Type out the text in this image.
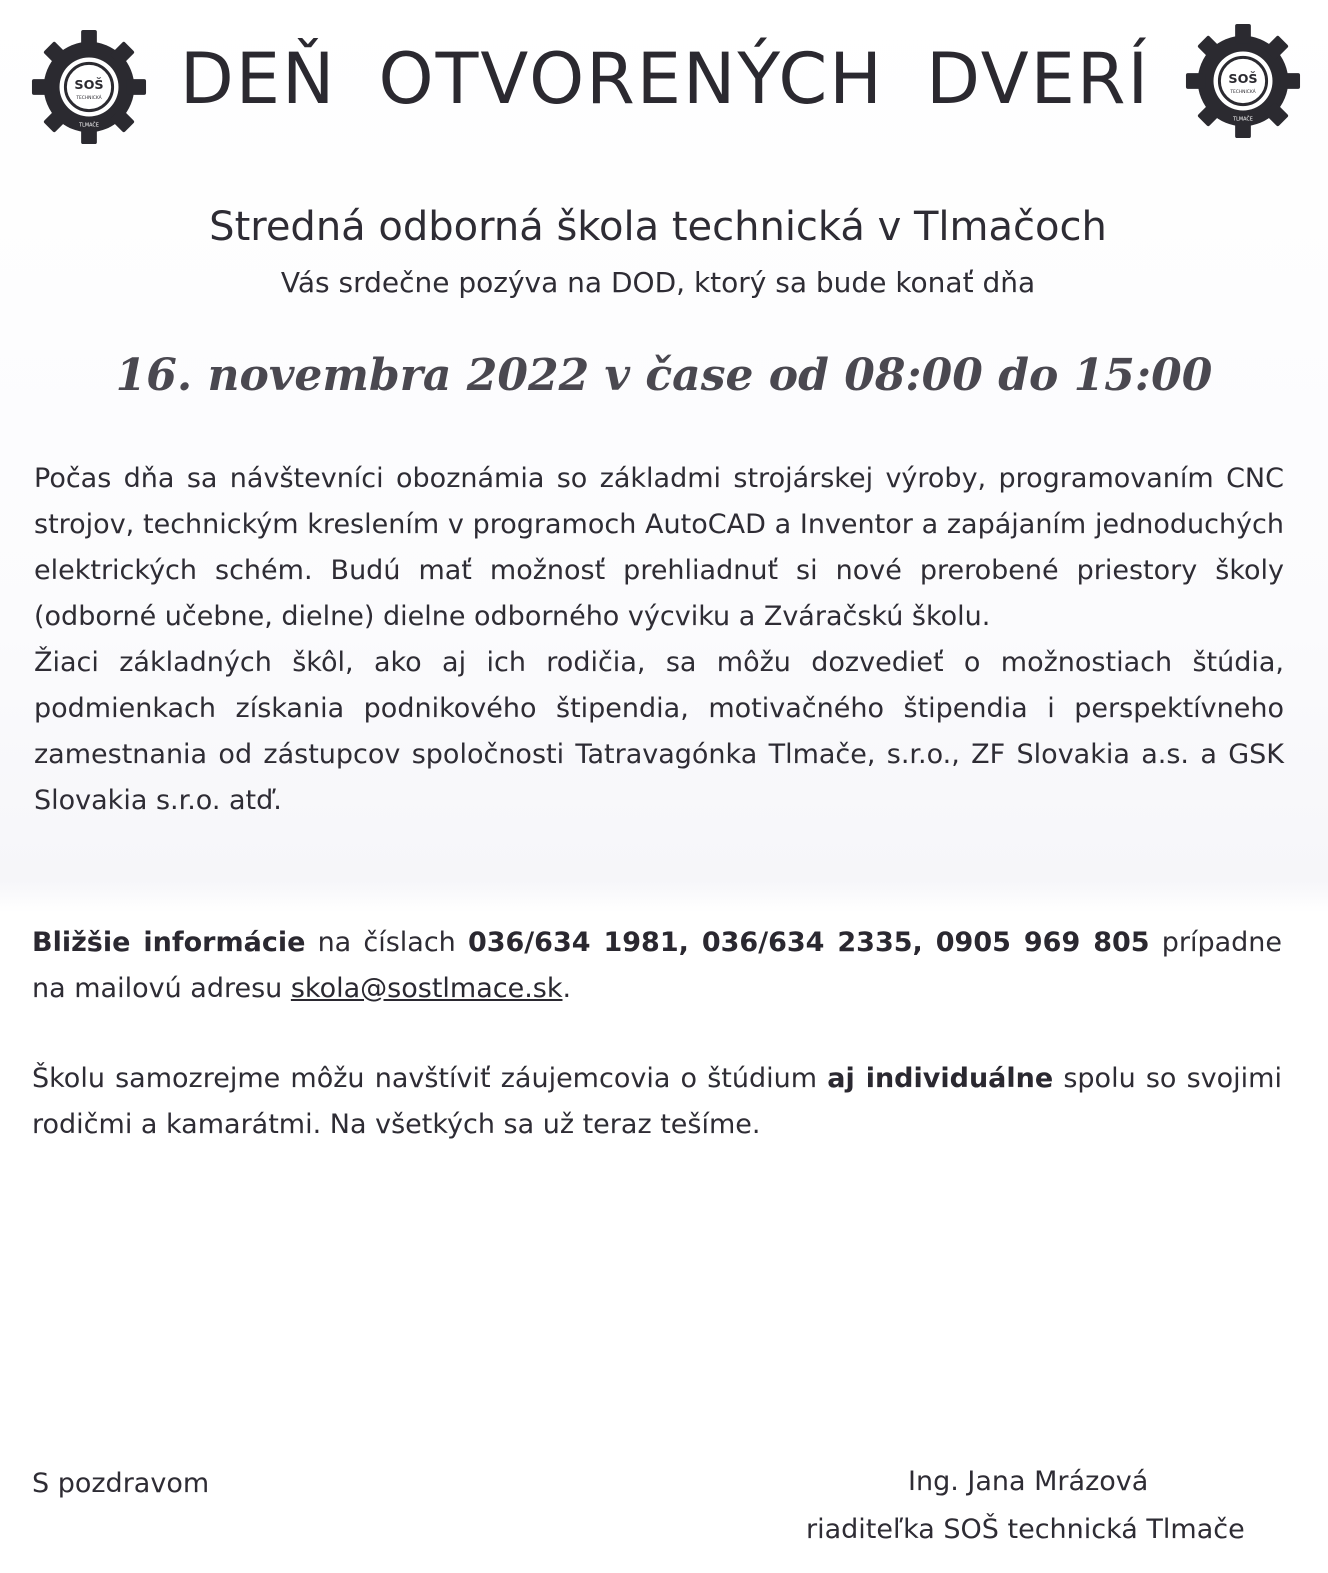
SOŠ
TECHNICKÁ
TLMAČE
DEŇ OTVORENÝCH DVERÍ	SOŠ
TECHNICKÁ
TLMAČE
Stredná odborná škola technická v Tlmačoch
Vás srdečne pozýva na DOD, ktorý sa bude konať dňa
16. novembra 2022 v čase od 08:00 do 15:00

Počas dňa sa návštevníci oboznámia so základmi strojárskej výroby, programovaním CNC strojov, technickým kreslením v programoch AutoCAD a Inventor a zapájaním jednoduchých elektrických schém. Budú mať možnosť prehliadnuť si nové prerobené priestory školy (odborné učebne, dielne) dielne odborného výcviku a Zváračskú školu.

Žiaci základných škôl, ako aj ich rodičia, sa môžu dozvedieť o možnostiach štúdia, podmienkach získania podnikového štipendia, motivačného štipendia i perspektívneho zamestnania od zástupcov spoločnosti Tatravagónka Tlmače, s.r.o., ZF Slovakia a.s. a GSK Slovakia s.r.o. atď.

Bližšie informácie na číslach 036/634 1981, 036/634 2335, 0905 969 805 prípadne na mailovú adresu skola@sostlmace.sk.
Školu samozrejme môžu navštíviť záujemcovia o štúdium aj individuálne spolu so svojimi rodičmi a kamarátmi. Na všetkých sa už teraz tešíme.
S pozdravom	Ing. Jana Mrázová
riaditeľka SOŠ technická Tlmače
